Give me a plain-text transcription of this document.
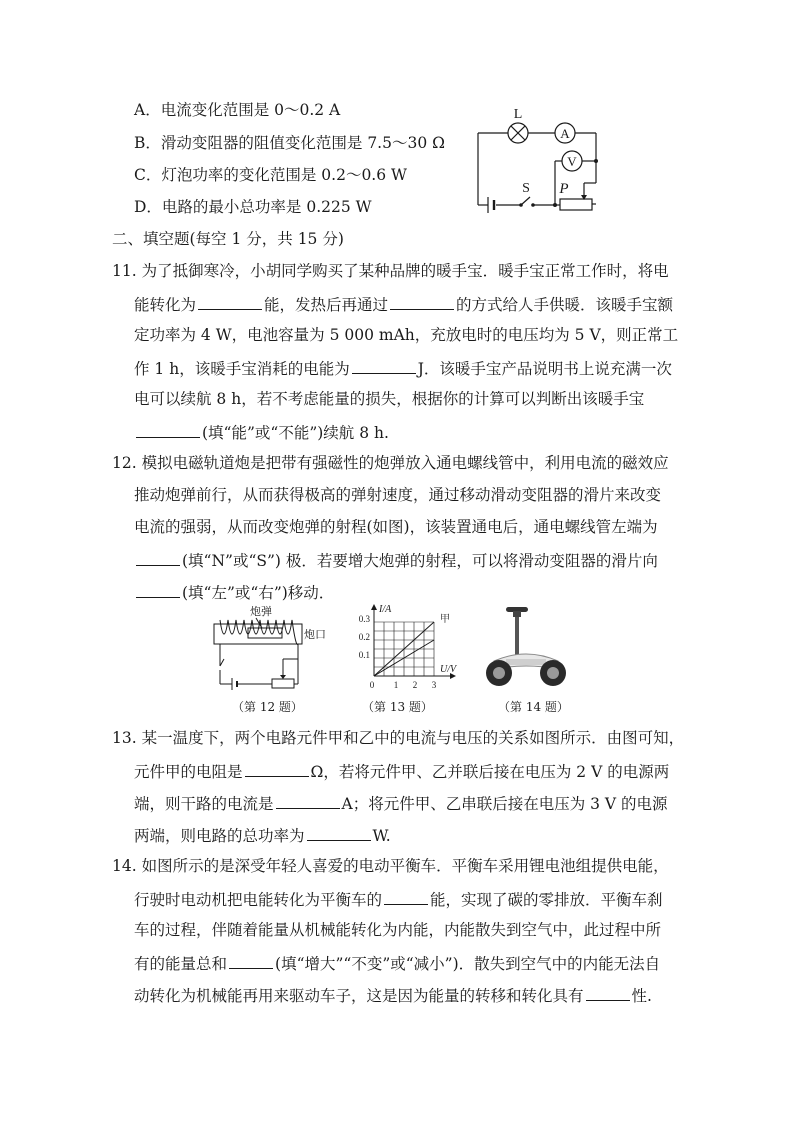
A．电流变化范围是 0～0.2 A
B．滑动变阻器的阻值变化范围是 7.5～30 Ω
C．灯泡功率的变化范围是 0.2～0.6 W
D．电路的最小总功率是 0.225 W
A
V
L
S P
二、填空题(每空 1 分，共 15 分)
11. 为了抵御寒冷，小胡同学购买了某种品牌的暖手宝．暖手宝正常工作时，将电
能转化为	能，发热后再通过	的方式给人手供暖．该暖手宝额
定功率为 4 W，电池容量为 5 000 mAh，充放电时的电压均为 5 V，则正常工
作 1 h，该暖手宝消耗的电能为	J．该暖手宝产品说明书上说充满一次
电可以续航 8 h，若不考虑能量的损失，根据你的计算可以判断出该暖手宝
(填“能”或“不能”)续航 8 h.
12. 模拟电磁轨道炮是把带有强磁性的炮弹放入通电螺线管中，利用电流的磁效应
推动炮弹前行，从而获得极高的弹射速度，通过移动滑动变阻器的滑片来改变
电流的强弱，从而改变炮弹的射程(如图)，该装置通电后，通电螺线管左端为
(填“N”或“S”) 极．若要增大炮弹的射程，可以将滑动变阻器的滑片向
(填“左”或“右”)移动．
炮弹
炮口
（第 12 题）
I/A
U/V
甲
0.3
0.2
0.1
0 1 2 3
（第 13 题）	（第 14 题）
13. 某一温度下，两个电路元件甲和乙中的电流与电压的关系如图所示．由图可知，
元件甲的电阻是	Ω，若将元件甲、乙并联后接在电压为 2 V 的电源两
端，则干路的电流是	A；将元件甲、乙串联后接在电压为 3 V 的电源
两端，则电路的总功率为	W.
14. 如图所示的是深受年轻人喜爱的电动平衡车．平衡车采用锂电池组提供电能，
行驶时电动机把电能转化为平衡车的	能，实现了碳的零排放．平衡车刹
车的过程，伴随着能量从机械能转化为内能，内能散失到空气中，此过程中所
有的能量总和	(填“增大”“不变”或“减小”)．散失到空气中的内能无法自
动转化为机械能再用来驱动车子，这是因为能量的转移和转化具有	性.
